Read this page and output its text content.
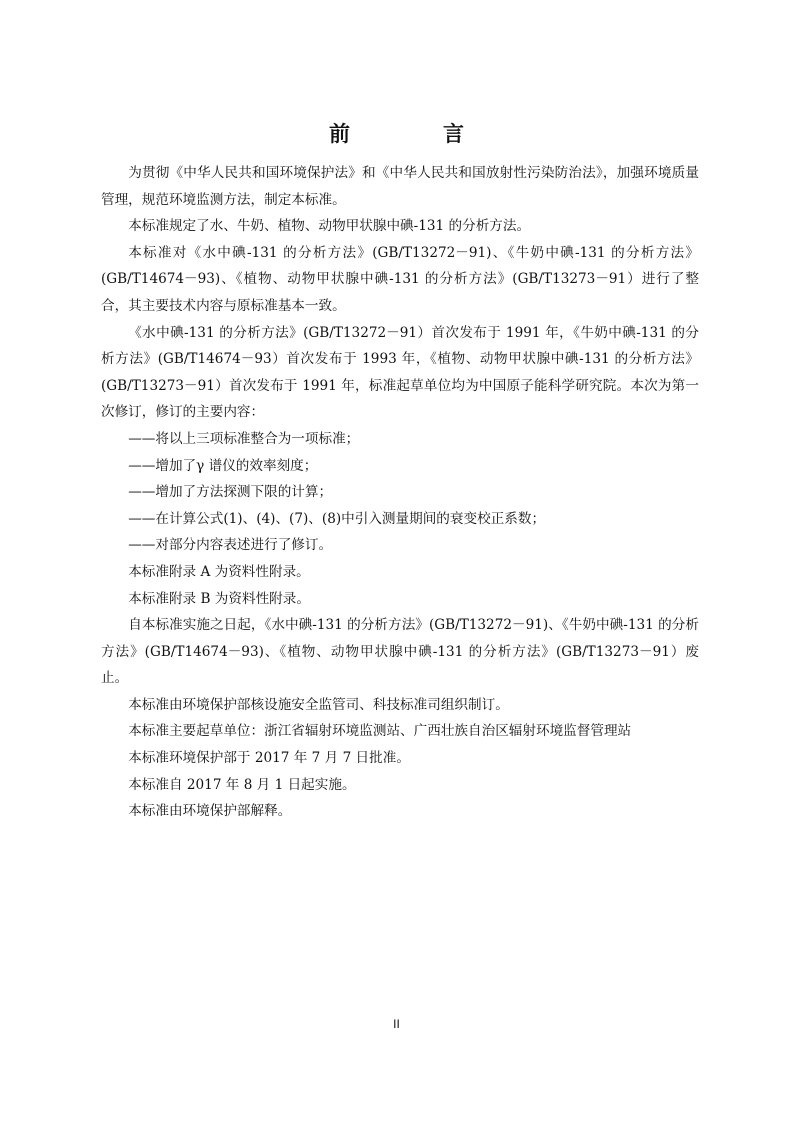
前　言

为贯彻《中华人民共和国环境保护法》和《中华人民共和国放射性污染防治法》，加强环境质量管理，规范环境监测方法，制定本标准。

本标准规定了水、牛奶、植物、动物甲状腺中碘-131 的分析方法。

本标准对《水中碘-131 的分析方法》(GB/T13272－91)、《牛奶中碘-131 的分析方法》(GB/T14674－93)、《植物、动物甲状腺中碘-131 的分析方法》(GB/T13273－91）进行了整合，其主要技术内容与原标准基本一致。

《水中碘-131 的分析方法》(GB/T13272－91）首次发布于 1991 年，《牛奶中碘-131 的分析方法》(GB/T14674－93）首次发布于 1993 年，《植物、动物甲状腺中碘-131 的分析方法》(GB/T13273－91）首次发布于 1991 年，标准起草单位均为中国原子能科学研究院。本次为第一次修订，修订的主要内容：

——将以上三项标准整合为一项标准；

——增加了γ 谱仪的效率刻度；

——增加了方法探测下限的计算；

——在计算公式(1)、(4)、(7)、(8)中引入测量期间的衰变校正系数；

——对部分内容表述进行了修订。

本标准附录 A 为资料性附录。

本标准附录 B 为资料性附录。

自本标准实施之日起，《水中碘-131 的分析方法》(GB/T13272－91)、《牛奶中碘-131 的分析方法》(GB/T14674－93)、《植物、动物甲状腺中碘-131 的分析方法》(GB/T13273－91）废止。

本标准由环境保护部核设施安全监管司、科技标准司组织制订。

本标准主要起草单位：浙江省辐射环境监测站、广西壮族自治区辐射环境监督管理站

本标准环境保护部于 2017 年 7 月 7 日批准。

本标准自 2017 年 8 月 1 日起实施。

本标准由环境保护部解释。

II
